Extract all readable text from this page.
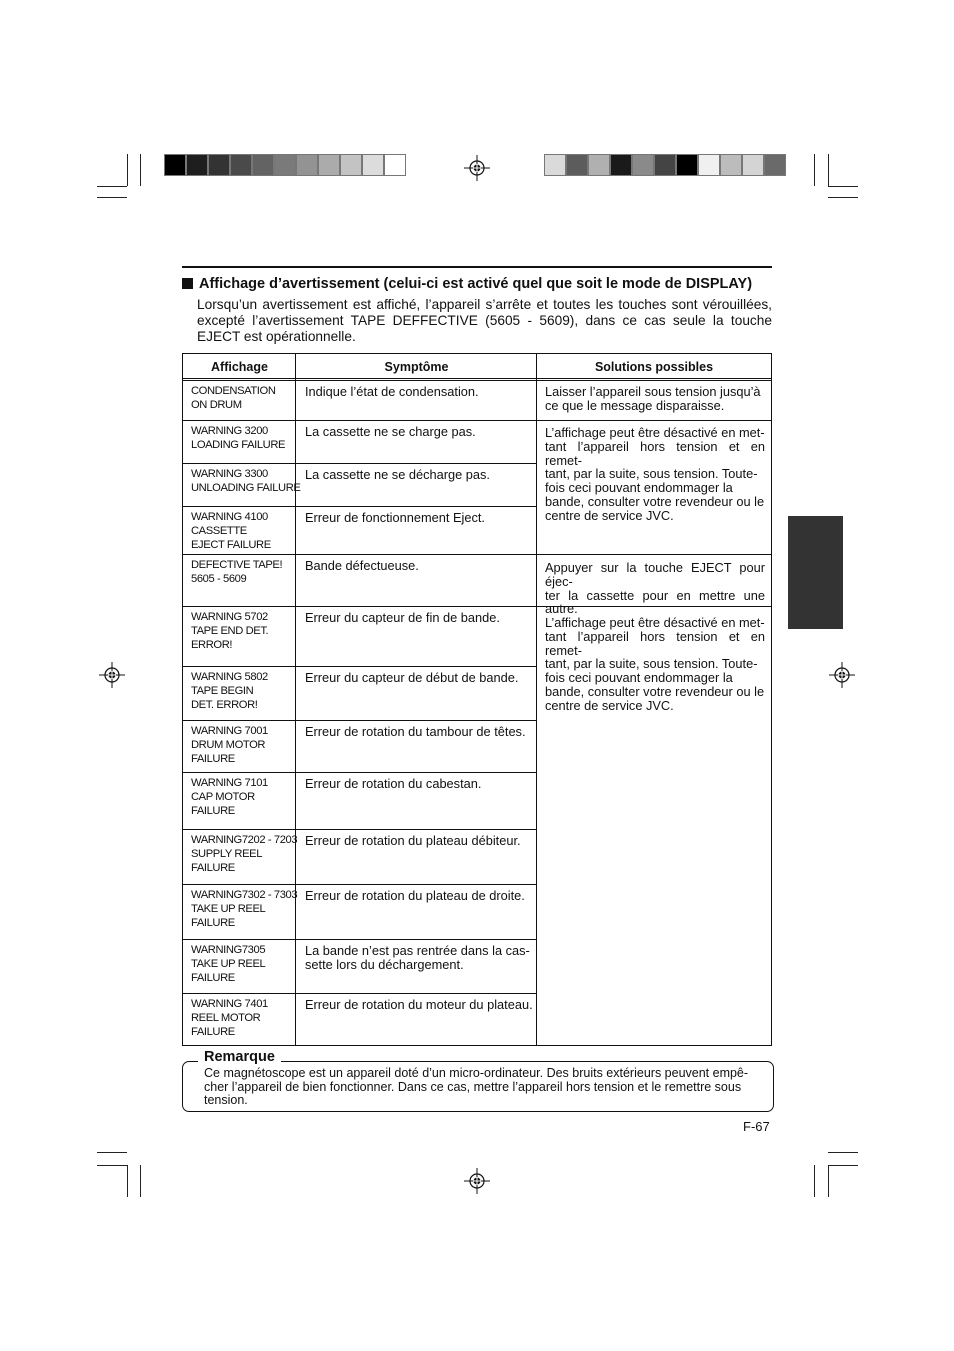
Affichage d’avertissement (celui-ci est activé quel que soit le mode de DISPLAY)
Lorsqu’un avertissement est affiché, l’appareil s’arrête et toutes les touches sont vérouillées, excepté l’avertissement TAPE DEFFECTIVE (5605 - 5609), dans ce cas seule la touche EJECT est opérationnelle.
Affichage	Symptôme	Solutions possibles
CONDENSATION
ON DRUM
Indique l’état de condensation.
WARNING 3200
LOADING FAILURE
La cassette ne se charge pas.
WARNING 3300
UNLOADING FAILURE
La cassette ne se décharge pas.
WARNING 4100
CASSETTE
EJECT FAILURE
Erreur de fonctionnement Eject.
DEFECTIVE TAPE!
5605 - 5609
Bande défectueuse.
WARNING 5702
TAPE END DET.
ERROR!
Erreur du capteur de fin de bande.
WARNING 5802
TAPE BEGIN
DET. ERROR!
Erreur du capteur de début de bande.
WARNING 7001
DRUM MOTOR
FAILURE
Erreur de rotation du tambour de têtes.
WARNING 7101
CAP MOTOR
FAILURE
Erreur de rotation du cabestan.
WARNING7202 - 7203
SUPPLY REEL
FAILURE
Erreur de rotation du plateau débiteur.
WARNING7302 - 7303
TAKE UP REEL
FAILURE
Erreur de rotation du plateau de droite.
WARNING7305
TAKE UP REEL
FAILURE
La bande n’est pas rentrée dans la cas-
sette lors du déchargement.
WARNING 7401
REEL MOTOR
FAILURE
Erreur de rotation du moteur du plateau.
Laisser l’appareil sous tension jusqu’à
ce que le message disparaisse.
L’affichage peut être désactivé en met-
tant l’appareil hors tension et en remet-
tant, par la suite, sous tension. Toute-
fois ceci pouvant endommager la
bande, consulter votre revendeur ou le
centre de service JVC.
Appuyer sur la touche EJECT pour éjec-
ter la cassette pour en mettre une autre.
L’affichage peut être désactivé en met-
tant l’appareil hors tension et en remet-
tant, par la suite, sous tension. Toute-
fois ceci pouvant endommager la
bande, consulter votre revendeur ou le
centre de service JVC.
Remarque
Ce magnétoscope est un appareil doté d’un micro-ordinateur. Des bruits extérieurs peuvent empê-
cher l’appareil de bien fonctionner. Dans ce cas, mettre l’appareil hors tension et le remettre sous
tension.
F-67
